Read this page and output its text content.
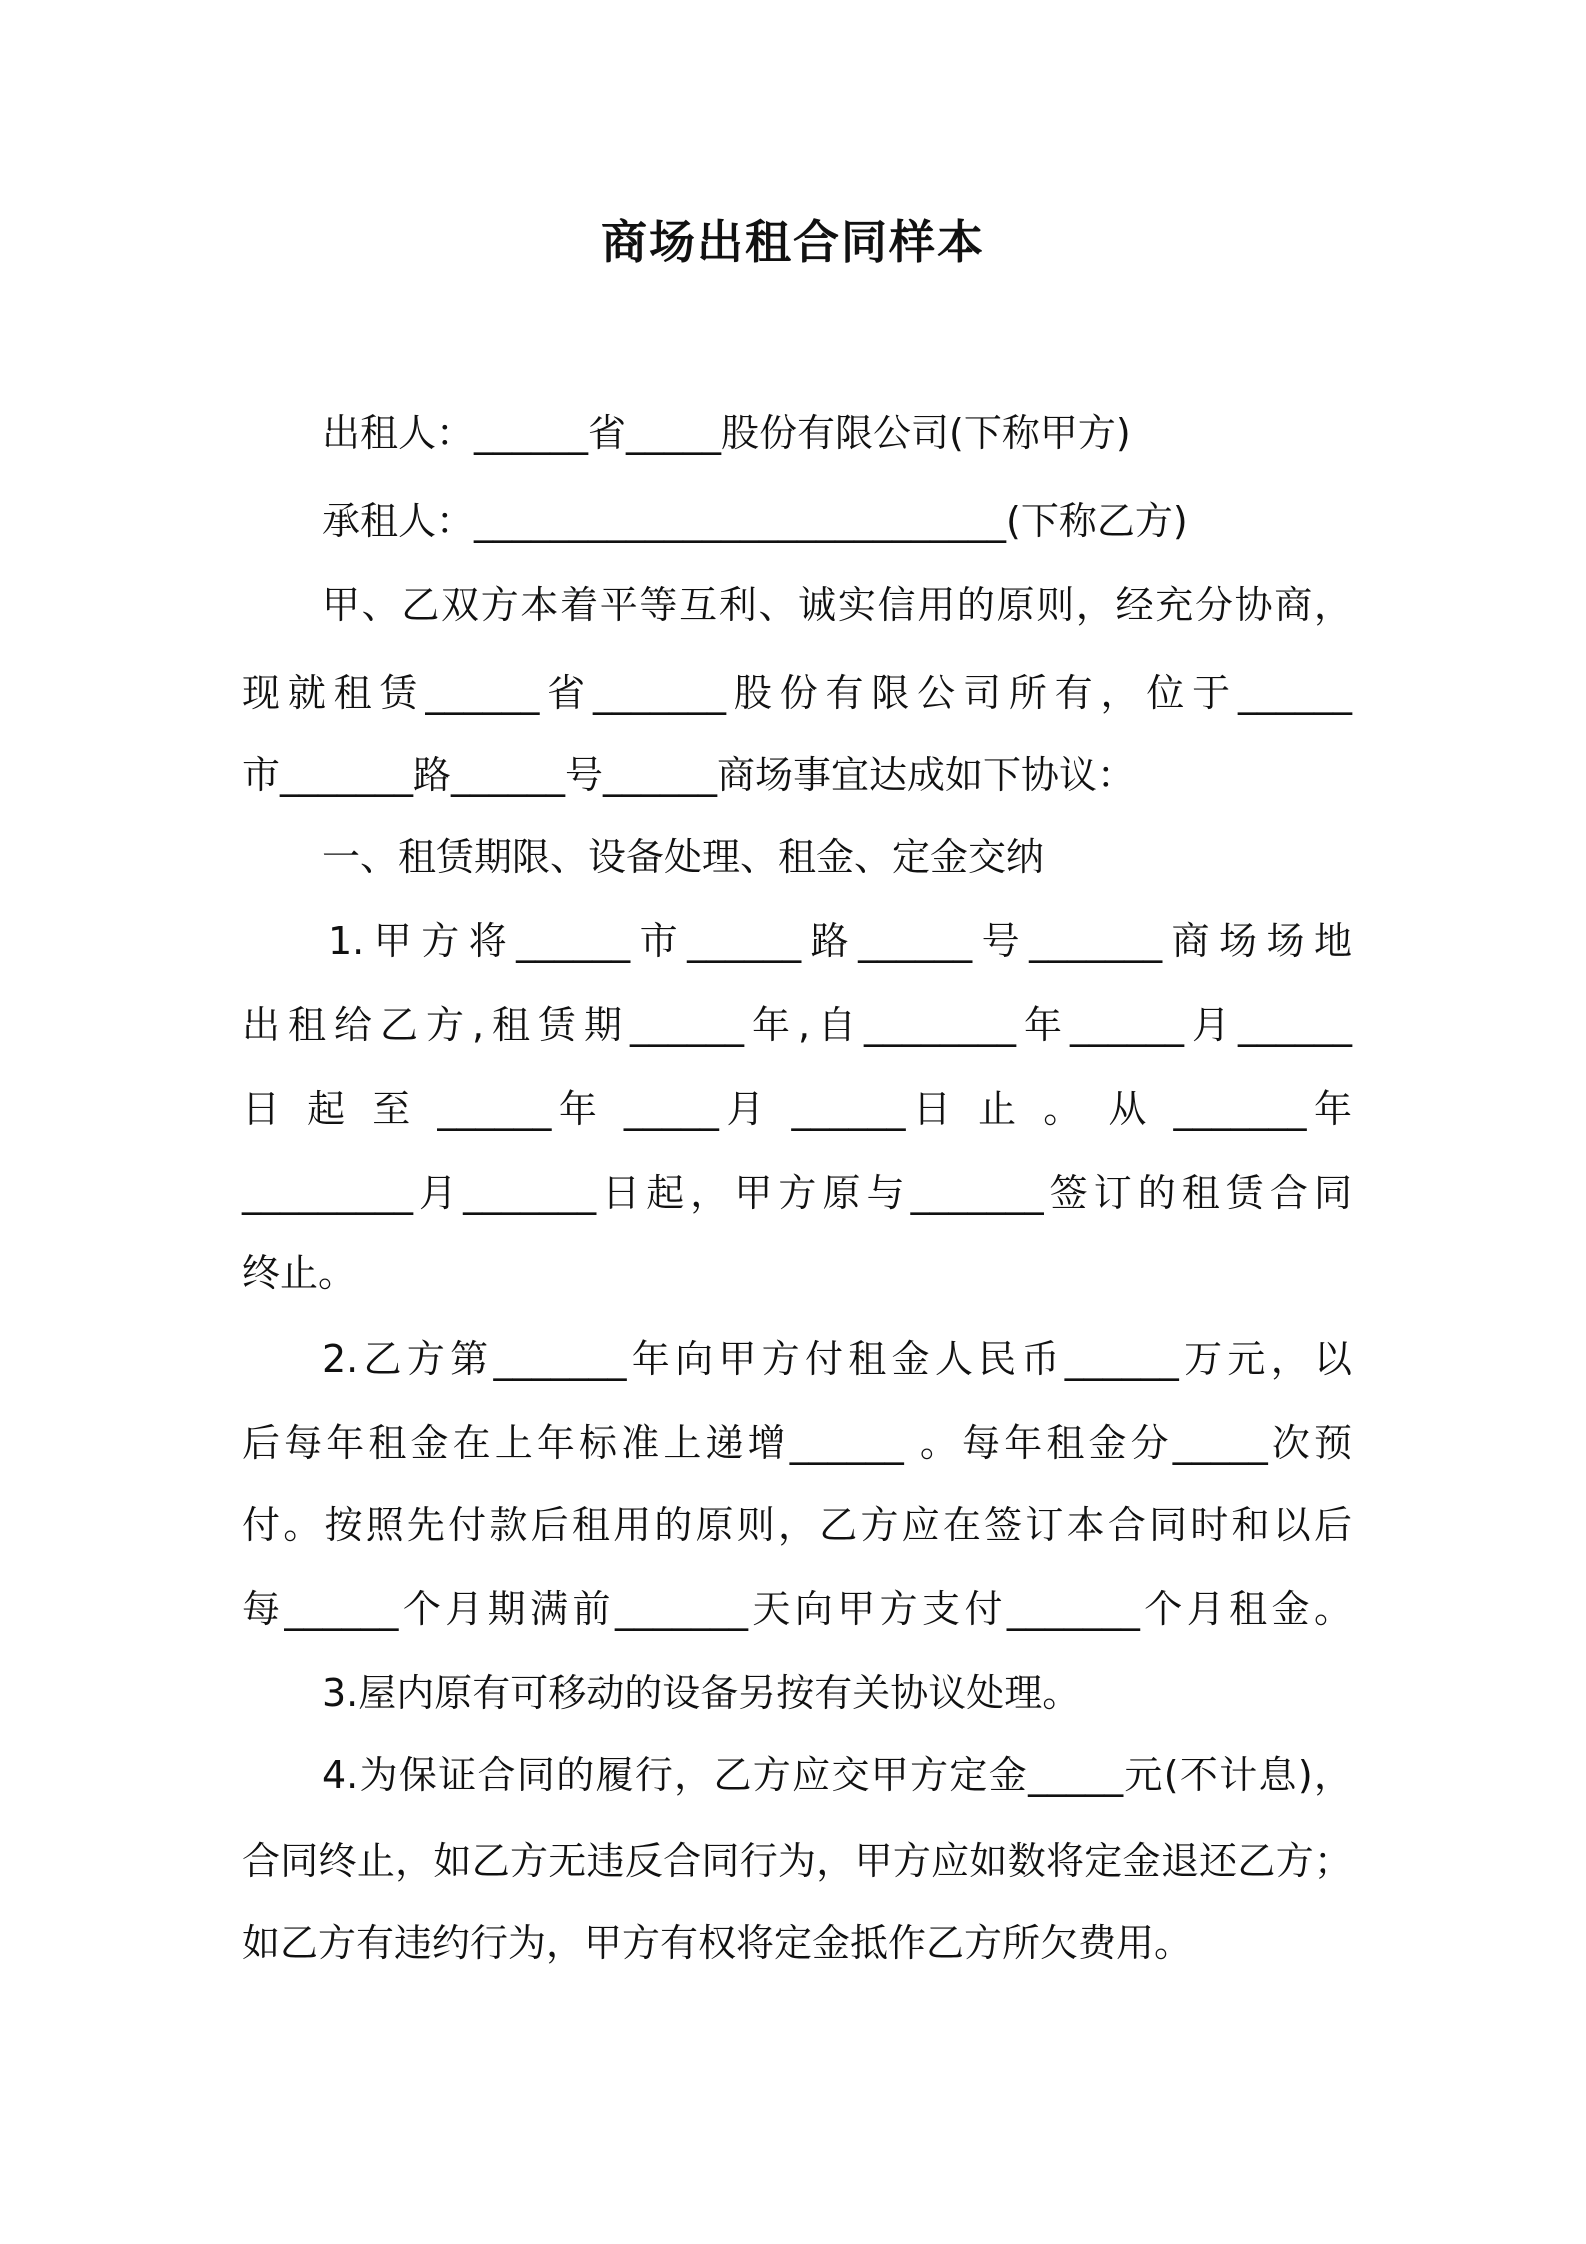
商场出租合同样本
出租人：______省_____股份有限公司(下称甲方)
承租人：____________________________(下称乙方)
甲、乙双方本着平等互利、诚实信用的原则，经充分协商，
现就租赁______省_______股份有限公司所有，位于______
市_______路______号______商场事宜达成如下协议：
一、租赁期限、设备处理、租金、定金交纳
1.甲方将______市______路______号_______商场场地
出租给乙方,租赁期______年,自________年______月______
日 起 至 ______年 _____月 ______日 止 。 从 _______年
_________月_______日起，甲方原与_______签订的租赁合同
终止。
2.乙方第_______年向甲方付租金人民币______万元，以
后每年租金在上年标准上递增______ 。每年租金分_____次预
付。按照先付款后租用的原则，乙方应在签订本合同时和以后
每______个月期满前_______天向甲方支付_______个月租金。
3.屋内原有可移动的设备另按有关协议处理。
4.为保证合同的履行，乙方应交甲方定金_____元(不计息)，
合同终止，如乙方无违反合同行为，甲方应如数将定金退还乙方；
如乙方有违约行为，甲方有权将定金抵作乙方所欠费用。
